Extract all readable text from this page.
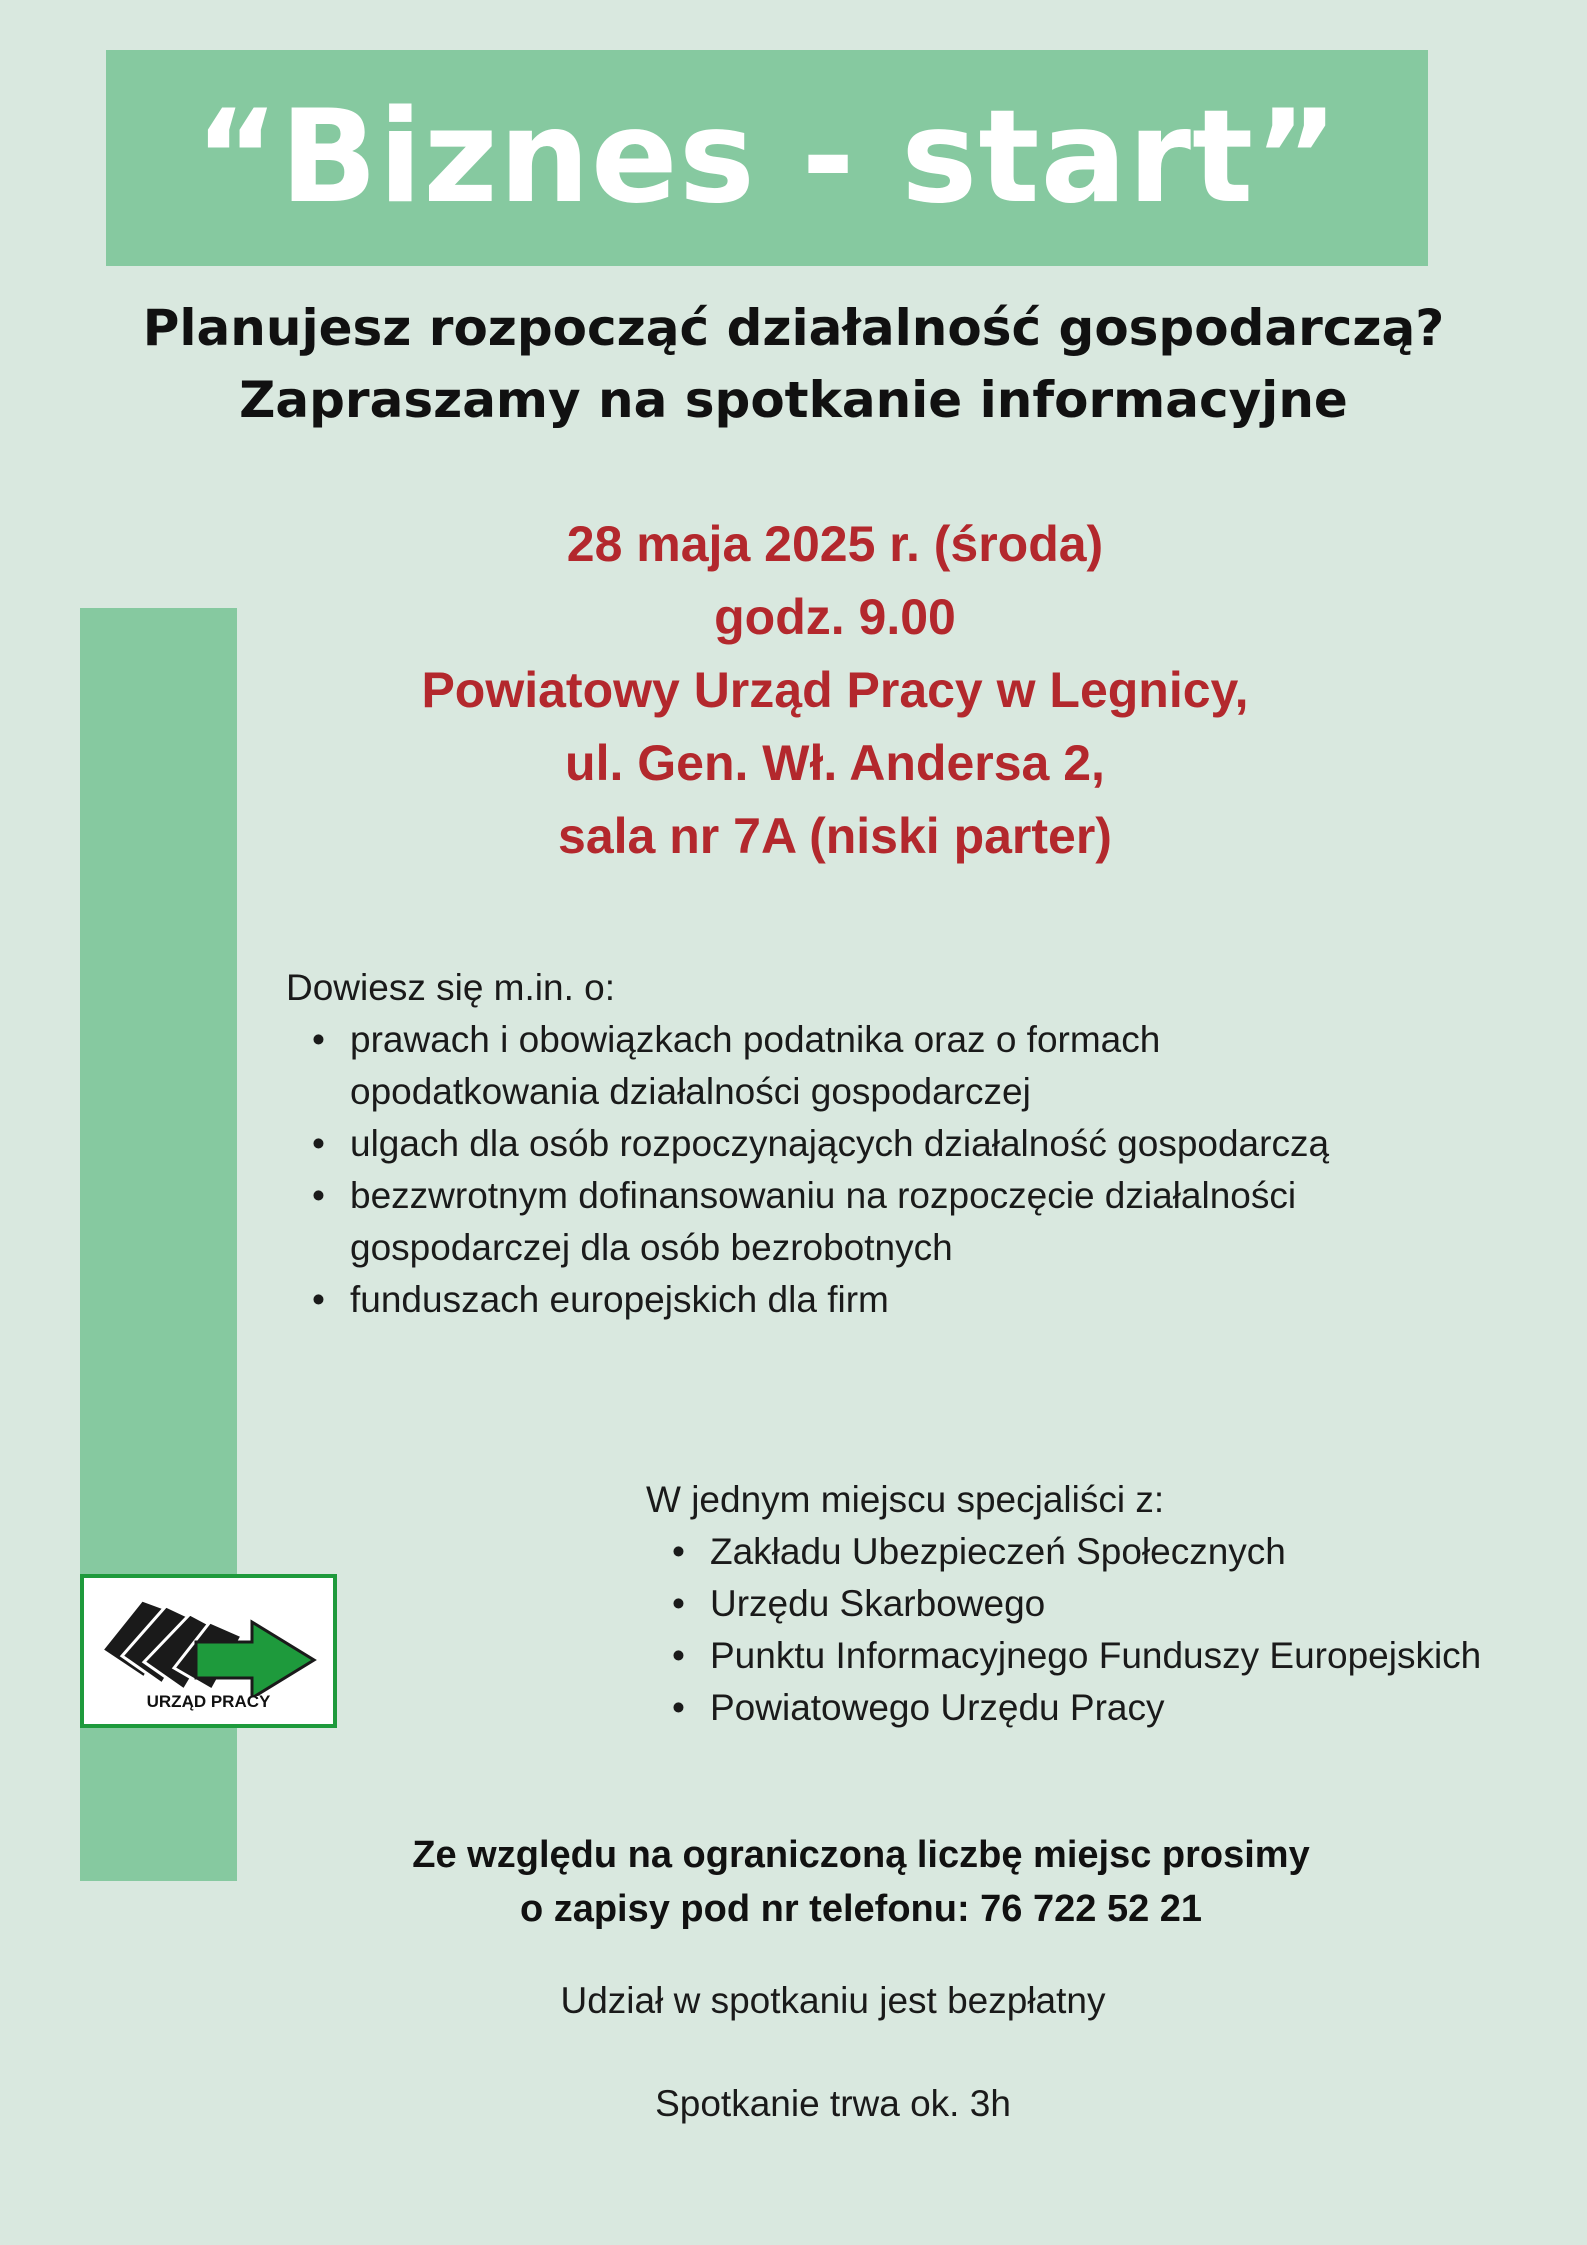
“Biznes - start”
Planujesz rozpocząć działalność gospodarczą?
Zapraszamy na spotkanie informacyjne
28 maja 2025 r. (środa)
godz. 9.00
Powiatowy Urząd Pracy w Legnicy,
ul. Gen. Wł. Andersa 2,
sala nr 7A (niski parter)
Dowiesz się m.in. o:
• prawach i obowiązkach podatnika oraz o formach opodatkowania działalności gospodarczej
• ulgach dla osób rozpoczynających działalność gospodarczą
• bezzwrotnym dofinansowaniu na rozpoczęcie działalności gospodarczej dla osób bezrobotnych
• funduszach europejskich dla firm
W jednym miejscu specjaliści z:
• Zakładu Ubezpieczeń Społecznych
• Urzędu Skarbowego
• Punktu Informacyjnego Funduszy Europejskich
• Powiatowego Urzędu Pracy
URZĄD PRACY
Ze względu na ograniczoną liczbę miejsc prosimy
o zapisy pod nr telefonu: 76 722 52 21
Udział w spotkaniu jest bezpłatny
Spotkanie trwa ok. 3h
